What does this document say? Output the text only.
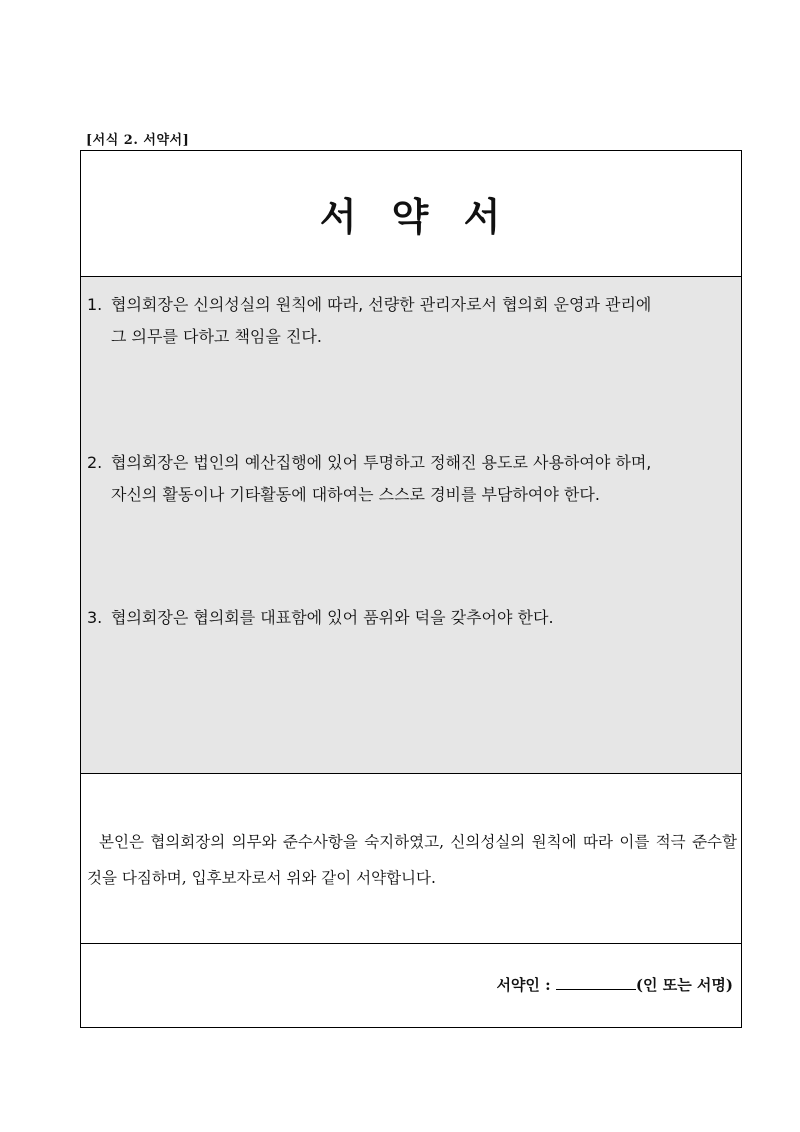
[서식 2. 서약서]
서 약 서
1. 협의회장은 신의성실의 원칙에 따라, 선량한 관리자로서 협의회 운영과 관리에
그 의무를 다하고 책임을 진다.
2. 협의회장은 법인의 예산집행에 있어 투명하고 정해진 용도로 사용하여야 하며,
자신의 활동이나 기타활동에 대하여는 스스로 경비를 부담하여야 한다.
3. 협의회장은 협의회를 대표함에 있어 품위와 덕을 갖추어야 한다.
본인은 협의회장의 의무와 준수사항을 숙지하였고, 신의성실의 원칙에 따라 이를 적극 준수할것을 다짐하며, 입후보자로서 위와 같이 서약합니다.
서약인 :	(인 또는 서명)
